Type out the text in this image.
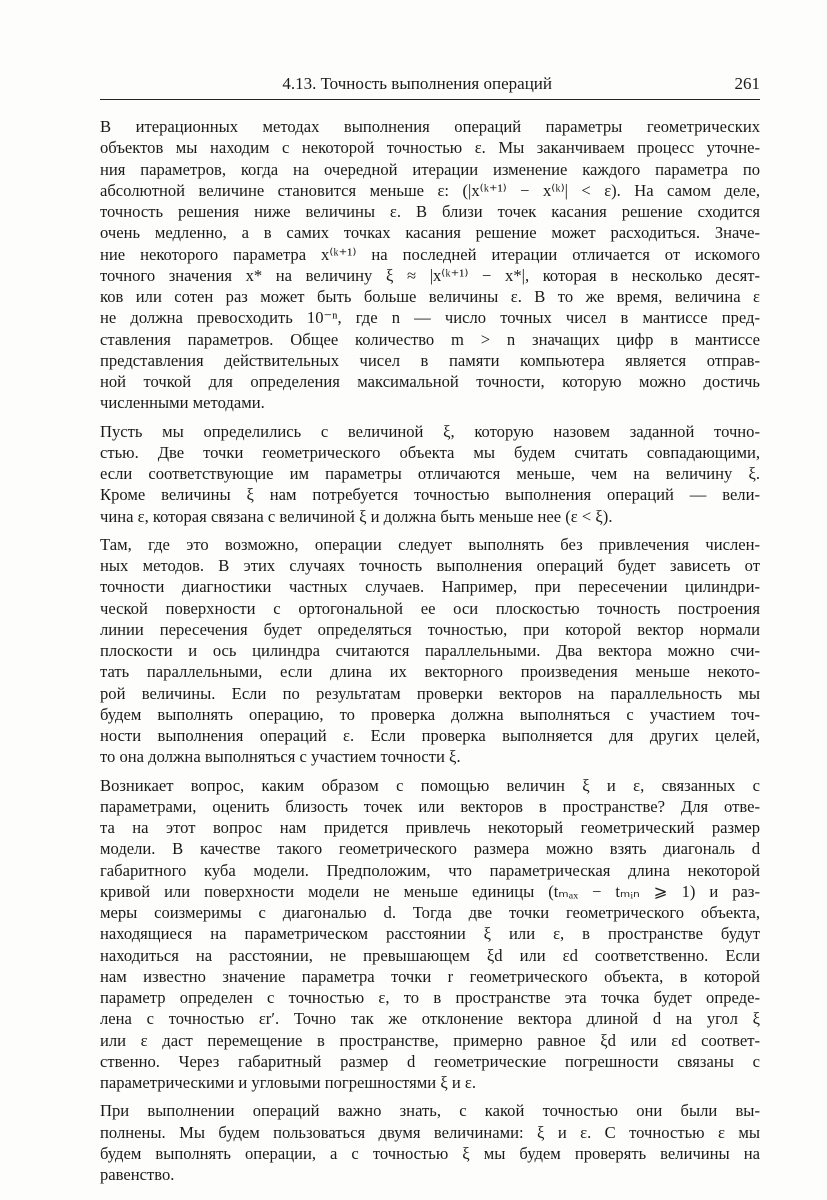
4.13. Точность выполнения операций	261

В итерационных методах выполнения операций параметры геометрических
объектов мы находим с некоторой точностью ε. Мы заканчиваем процесс уточне-
ния параметров, когда на очередной итерации изменение каждого параметра по
абсолютной величине становится меньше ε: (|x⁽ᵏ⁺¹⁾ − x⁽ᵏ⁾| < ε). На самом деле,
точность решения ниже величины ε. В близи точек касания решение сходится
очень медленно, а в самих точках касания решение может расходиться. Значе-
ние некоторого параметра x⁽ᵏ⁺¹⁾ на последней итерации отличается от искомого
точного значения x* на величину ξ ≈ |x⁽ᵏ⁺¹⁾ − x*|, которая в несколько десят-
ков или сотен раз может быть больше величины ε. В то же время, величина ε
не должна превосходить 10⁻ⁿ, где n — число точных чисел в мантиссе пред-
ставления параметров. Общее количество m > n значащих цифр в мантиссе
представления действительных чисел в памяти компьютера является отправ-
ной точкой для определения максимальной точности, которую можно достичь
численными методами.

Пусть мы определились с величиной ξ, которую назовем заданной точно-
стью. Две точки геометрического объекта мы будем считать совпадающими,
если соответствующие им параметры отличаются меньше, чем на величину ξ.
Кроме величины ξ нам потребуется точностью выполнения операций — вели-
чина ε, которая связана с величиной ξ и должна быть меньше нее (ε < ξ).

Там, где это возможно, операции следует выполнять без привлечения числен-
ных методов. В этих случаях точность выполнения операций будет зависеть от
точности диагностики частных случаев. Например, при пересечении цилиндри-
ческой поверхности с ортогональной ее оси плоскостью точность построения
линии пересечения будет определяться точностью, при которой вектор нормали
плоскости и ось цилиндра считаются параллельными. Два вектора можно счи-
тать параллельными, если длина их векторного произведения меньше некото-
рой величины. Если по результатам проверки векторов на параллельность мы
будем выполнять операцию, то проверка должна выполняться с участием точ-
ности выполнения операций ε. Если проверка выполняется для других целей,
то она должна выполняться с участием точности ξ.

Возникает вопрос, каким образом с помощью величин ξ и ε, связанных с
параметрами, оценить близость точек или векторов в пространстве? Для отве-
та на этот вопрос нам придется привлечь некоторый геометрический размер
модели. В качестве такого геометрического размера можно взять диагональ d
габаритного куба модели. Предположим, что параметрическая длина некоторой
кривой или поверхности модели не меньше единицы (tₘₐₓ − tₘᵢₙ ⩾ 1) и раз-
меры соизмеримы с диагональю d. Тогда две точки геометрического объекта,
находящиеся на параметрическом расстоянии ξ или ε, в пространстве будут
находиться на расстоянии, не превышающем ξd или εd соответственно. Если
нам известно значение параметра точки r геометрического объекта, в которой
параметр определен с точностью ε, то в пространстве эта точка будет опреде-
лена с точностью εr′. Точно так же отклонение вектора длиной d на угол ξ
или ε даст перемещение в пространстве, примерно равное ξd или εd соответ-
ственно. Через габаритный размер d геометрические погрешности связаны с
параметрическими и угловыми погрешностями ξ и ε.

При выполнении операций важно знать, с какой точностью они были вы-
полнены. Мы будем пользоваться двумя величинами: ξ и ε. С точностью ε мы
будем выполнять операции, а с точностью ξ мы будем проверять величины на
равенство.
